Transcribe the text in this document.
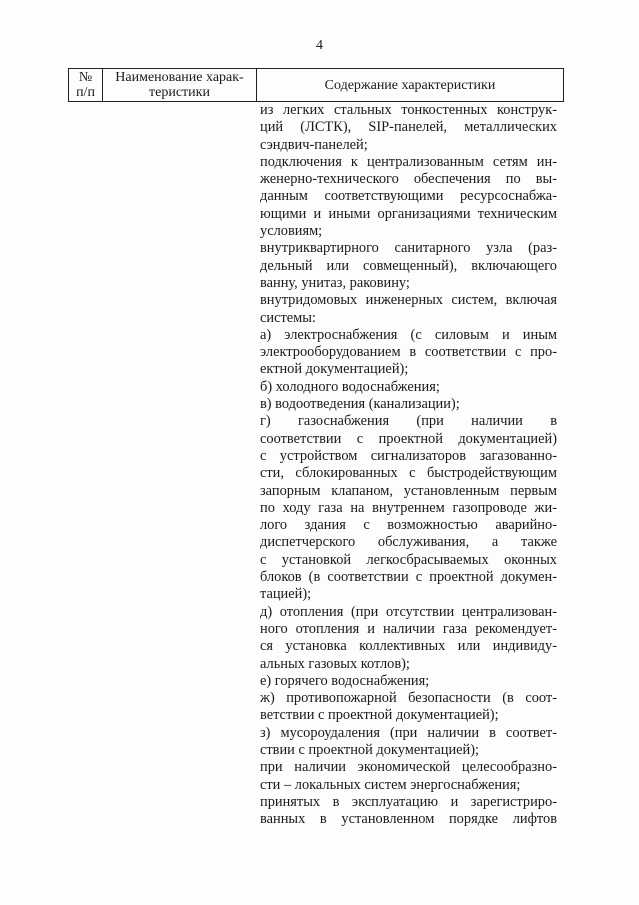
4
№
п/п
Наименование харак-
теристики	Содержание характеристики
из легких стальных тонкостенных конструк-
ций (ЛСТК), SIP-панелей, металлических
сэндвич-панелей;
подключения к централизованным сетям ин-
женерно-технического обеспечения по вы-
данным соответствующими ресурсоснабжа-
ющими и иными организациями техническим
условиям;
внутриквартирного санитарного узла (раз-
дельный или совмещенный), включающего
ванну, унитаз, раковину;
внутридомовых инженерных систем, включая
системы:
а) электроснабжения (с силовым и иным
электрооборудованием в соответствии с про-
ектной документацией);
б) холодного водоснабжения;
в) водоотведения (канализации);
г) газоснабжения (при наличии в
соответствии с проектной документацией)
с устройством сигнализаторов загазованно-
сти, сблокированных с быстродействующим
запорным клапаном, установленным первым
по ходу газа на внутреннем газопроводе жи-
лого здания с возможностью аварийно-
диспетчерского обслуживания, а также
с установкой легкосбрасываемых оконных
блоков (в соответствии с проектной докумен-
тацией);
д) отопления (при отсутствии централизован-
ного отопления и наличии газа рекомендует-
ся установка коллективных или индивиду-
альных газовых котлов);
е) горячего водоснабжения;
ж) противопожарной безопасности (в соот-
ветствии с проектной документацией);
з) мусороудаления (при наличии в соответ-
ствии с проектной документацией);
при наличии экономической целесообразно-
сти – локальных систем энергоснабжения;
принятых в эксплуатацию и зарегистриро-
ванных в установленном порядке лифтов
